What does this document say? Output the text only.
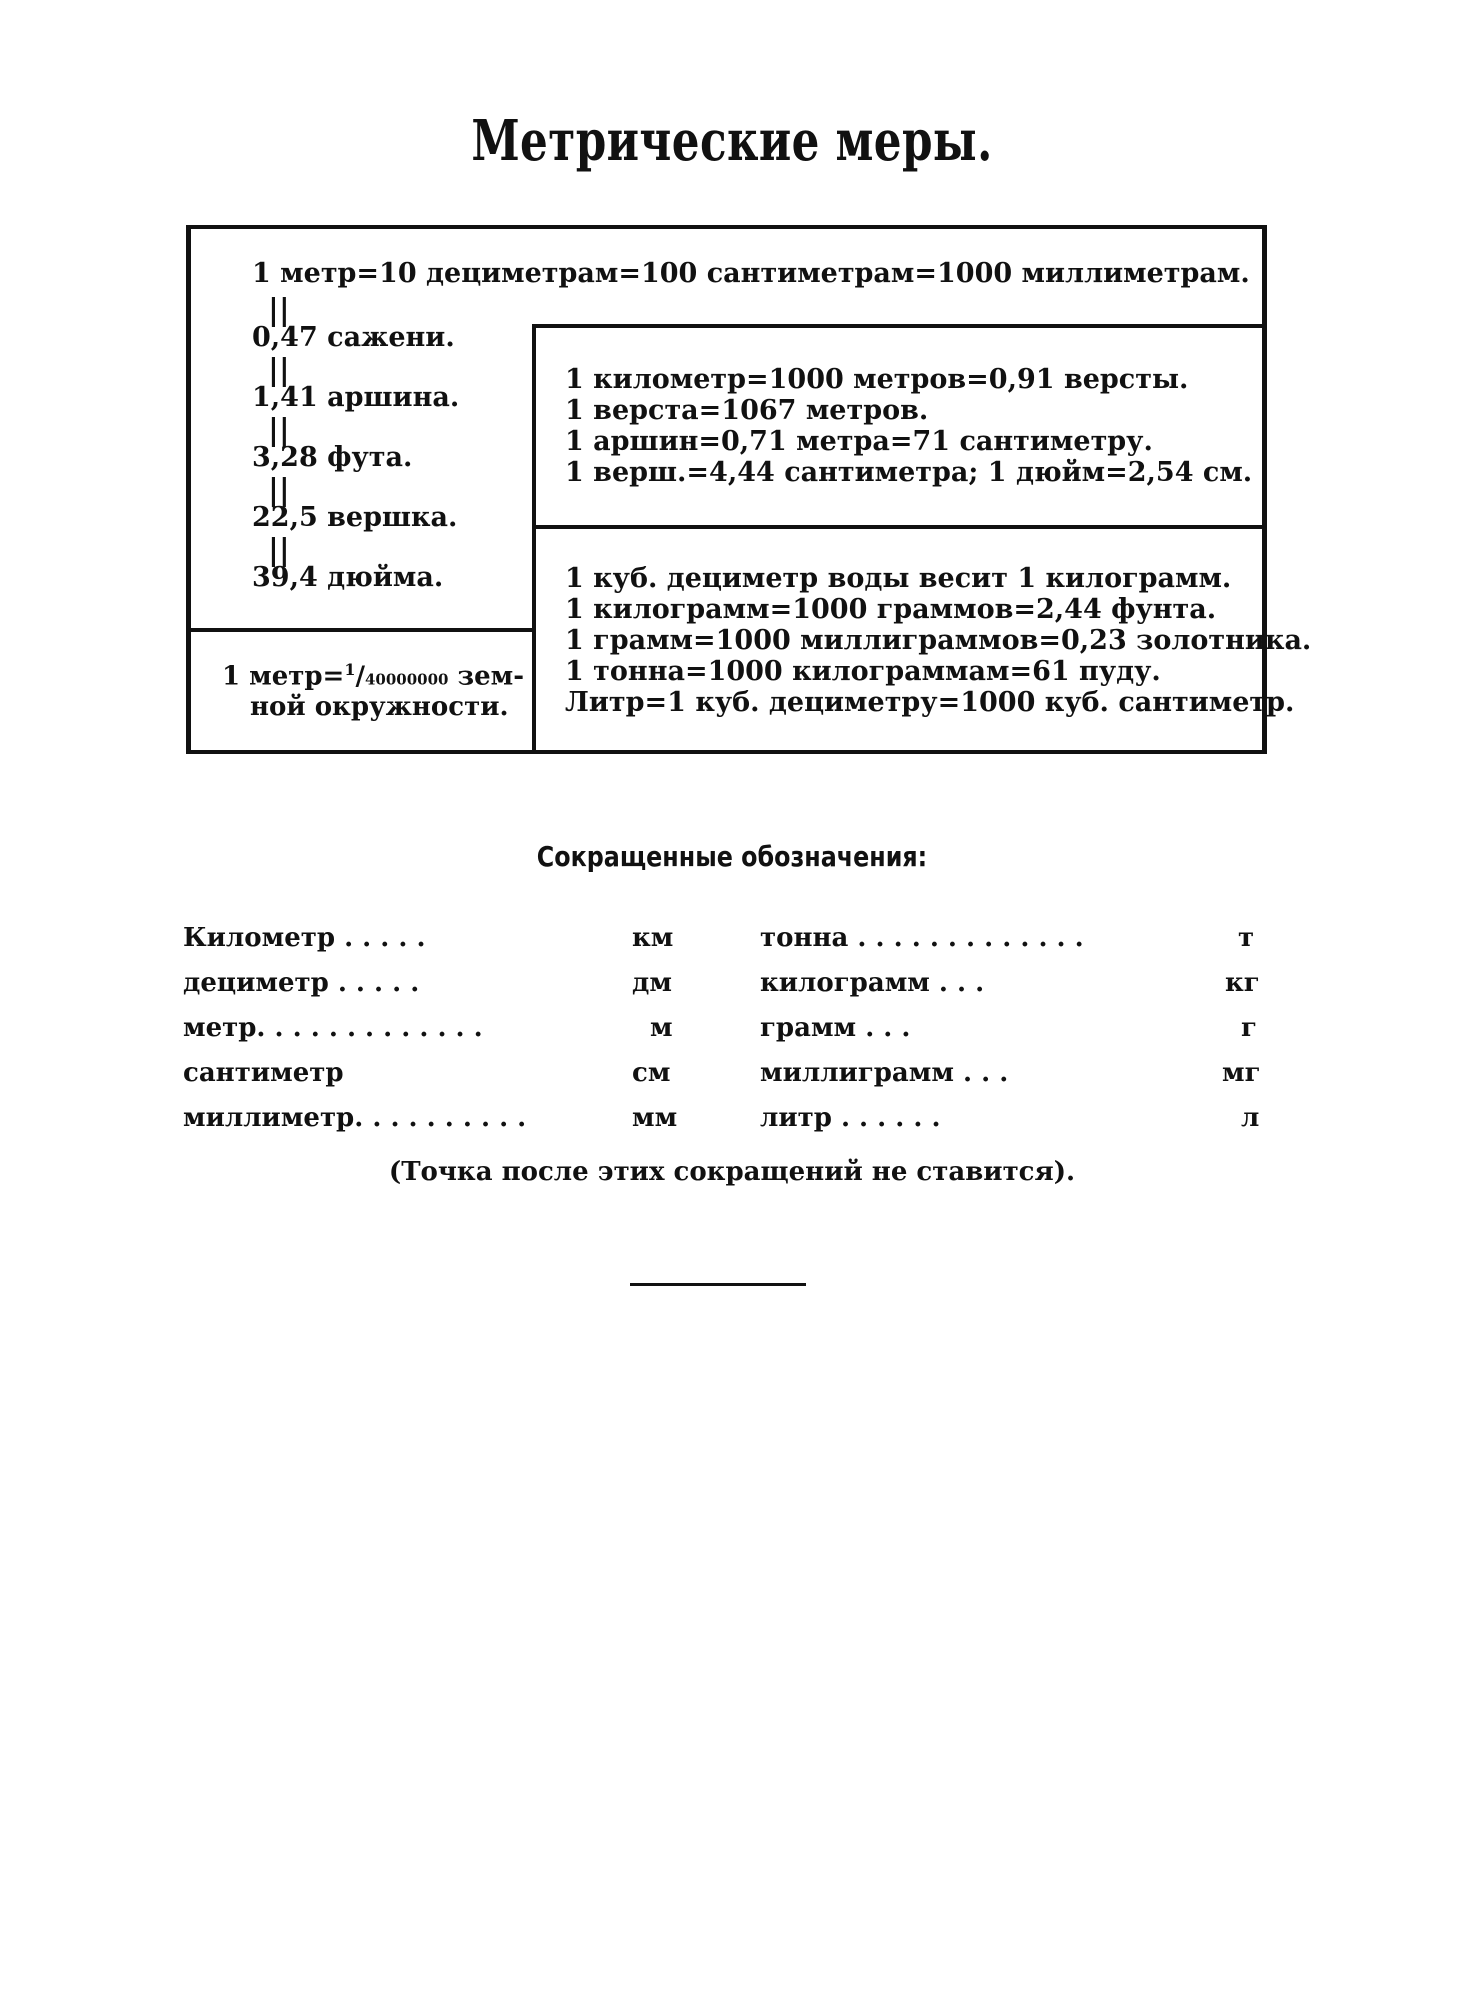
Метрические меры.
1 метр=10 дециметрам=100 сантиметрам=1000 миллиметрам.
||
0,47 сажени.
||
1,41 аршина.
||
3,28 фута.
||
22,5 вершка.
||
39,4 дюйма.
1 метр=$^1$/40000000 зем-
ной окружности.
1 километр=1000 метров=0,91 версты.
1 верста=1067 метров.
1 аршин=0,71 метра=71 сантиметру.
1 верш.=4,44 сантиметра; 1 дюйм=2,54 см.
1 куб. дециметр воды весит 1 килограмм.
1 килограмм=1000 граммов=2,44 фунта.
1 грамм=1000 миллиграммов=0,23 золотника.
1 тонна=1000 килограммам=61 пуду.
Литр=1 куб. дециметру=1000 куб. сантиметр.
Сокращенные обозначения:
Километр . . . . .	км
дециметр . . . . .	дм
метр. . . . . . . . . . . . .	м
сантиметр	см
миллиметр. . . . . . . . . .	мм
тонна . . . . . . . . . . . . .	т
килограмм . . .	кг
грамм . . .	г
миллиграмм . . .	мг
литр . . . . . .	л
(Точка после этих сокращений не ставится).
